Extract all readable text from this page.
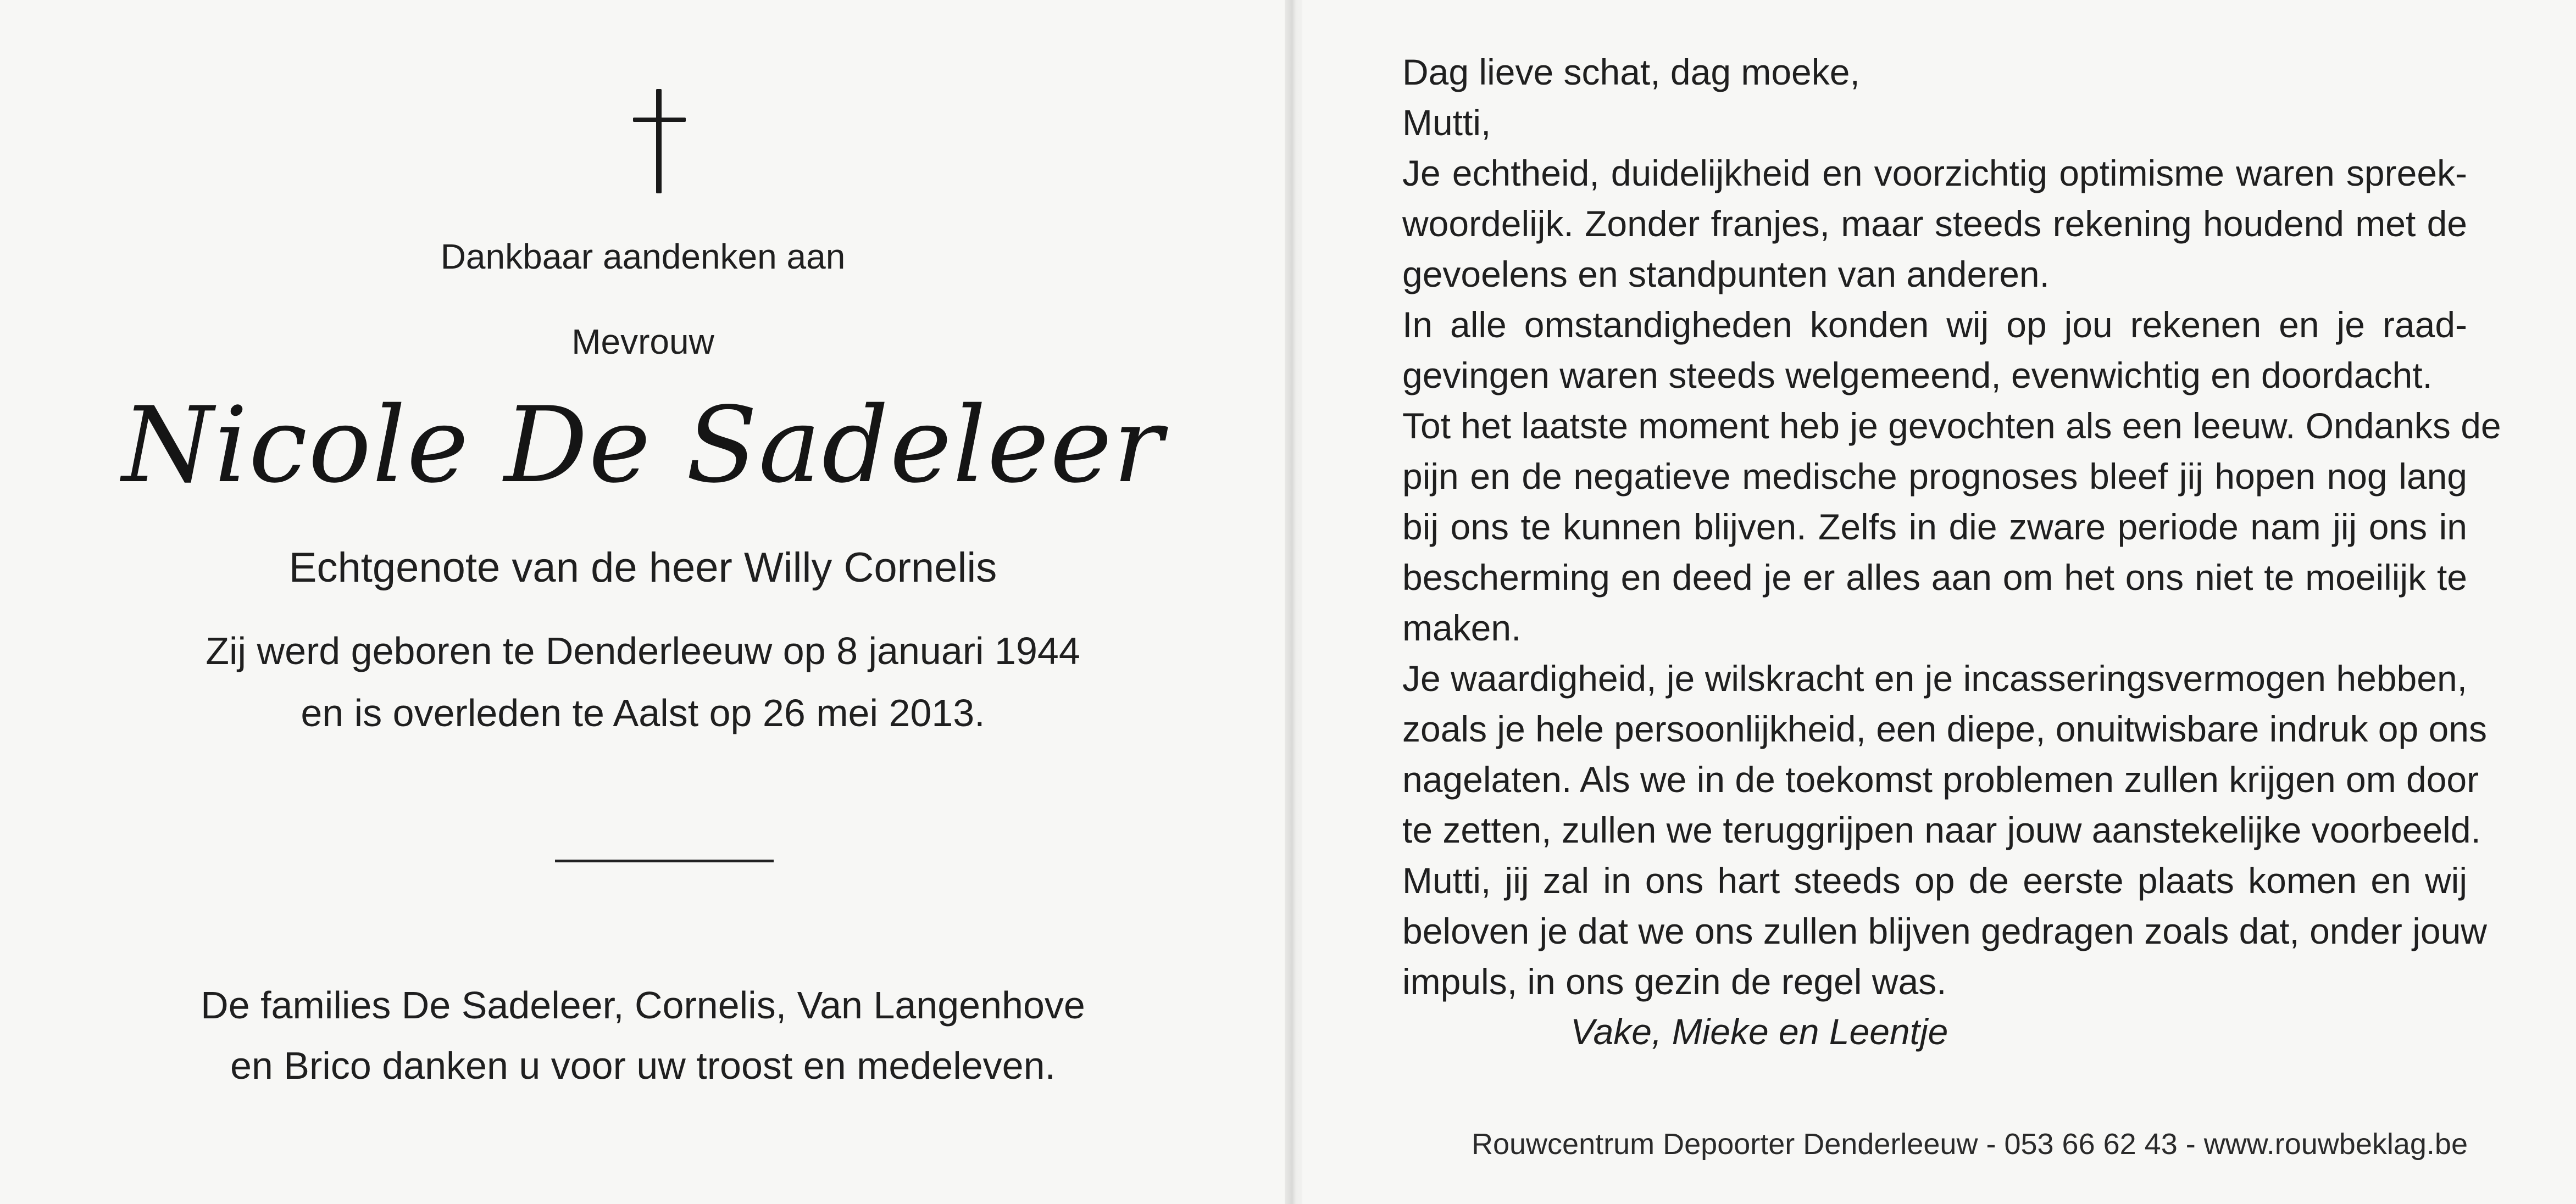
Dankbaar aandenken aan
Mevrouw
Nicole De Sadeleer
Echtgenote van de heer Willy Cornelis
Zij werd geboren te Denderleeuw op 8 januari 1944
en is overleden te Aalst op 26 mei 2013.
De families De Sadeleer, Cornelis, Van Langenhove
en Brico danken u voor uw troost en medeleven.
Dag lieve schat, dag moeke,
Mutti,
Je echtheid, duidelijkheid en voorzichtig optimisme waren spreek-
woordelijk. Zonder franjes, maar steeds rekening houdend met de
gevoelens en standpunten van anderen.
In alle omstandigheden konden wij op jou rekenen en je raad-
gevingen waren steeds welgemeend, evenwichtig en doordacht.
Tot het laatste moment heb je gevochten als een leeuw. Ondanks de
pijn en de negatieve medische prognoses bleef jij hopen nog lang
bij ons te kunnen blijven. Zelfs in die zware periode nam jij ons in
bescherming en deed je er alles aan om het ons niet te moeilijk te
maken.
Je waardigheid, je wilskracht en je incasseringsvermogen hebben,
zoals je hele persoonlijkheid, een diepe, onuitwisbare indruk op ons
nagelaten. Als we in de toekomst problemen zullen krijgen om door
te zetten, zullen we teruggrijpen naar jouw aanstekelijke voorbeeld.
Mutti, jij zal in ons hart steeds op de eerste plaats komen en wij
beloven je dat we ons zullen blijven gedragen zoals dat, onder jouw
impuls, in ons gezin de regel was.
Vake, Mieke en Leentje
Rouwcentrum Depoorter Denderleeuw - 053 66 62 43 - www.rouwbeklag.be
